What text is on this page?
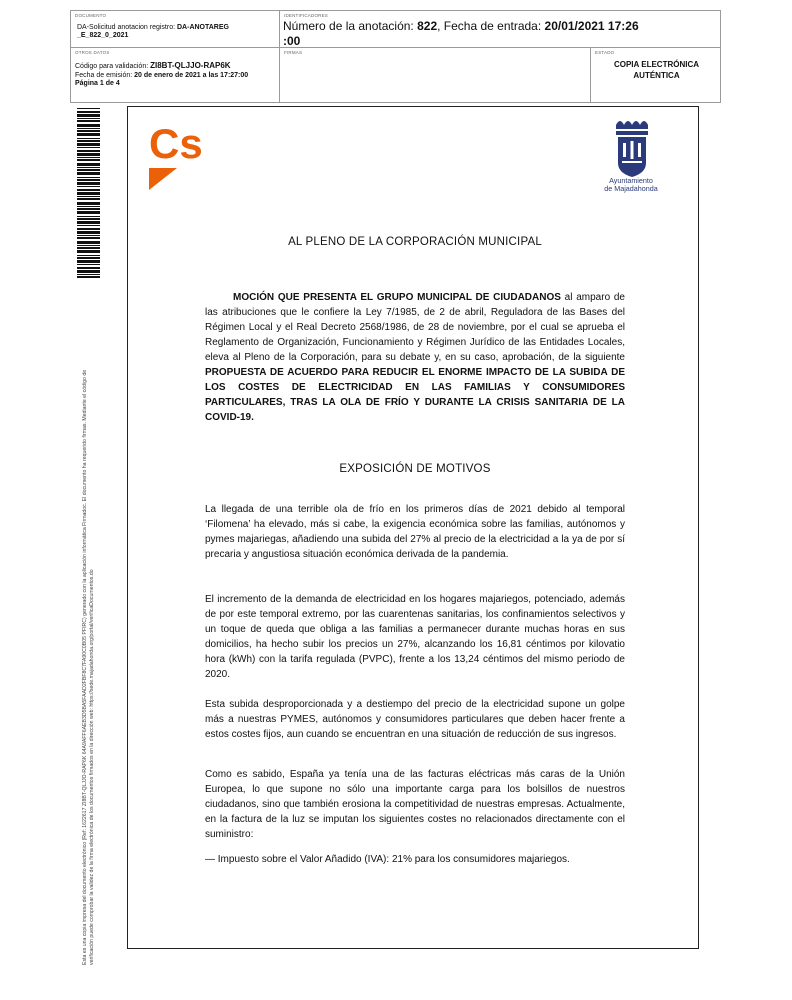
DOCUMENTO
DA-Solicitud anotacion registro: DA-ANOTAREG
_E_822_0_2021
IDENTIFICADORES
Número de la anotación: 822, Fecha de entrada: 20/01/2021 17:26
:00
OTROS DATOS
Código para validación: ZI8BT-QLJJO-RAP6K
Fecha de emisión: 20 de enero de 2021 a las 17:27:00
Página 1 de 4
FIRMAS	ESTADO
COPIA ELECTRÓNICA
AUTÉNTICA
Esta es una copia impresa del documento electrónico (Ref: 1622617 ZI8BT-QLJJO-RAP6K 64A9AFF6AEB3D5BA5FAAD2FBF8C7FA90C0B05 PFIRC) generado con la aplicación informática Firmadoc. El documento ha requerido firmas. Mediante el código de verificación puede comprobar la validez de la firma electrónica de los documentos firmados en la dirección web: https://sede.majadahonda.org/portal/verificaDocumentos.do
Cs
Ayuntamiento
de Majadahonda
AL PLENO DE LA CORPORACIÓN MUNICIPAL
MOCIÓN QUE PRESENTA EL GRUPO MUNICIPAL DE CIUDADANOS al amparo de las atribuciones que le confiere la Ley 7/1985, de 2 de abril, Reguladora de las Bases del Régimen Local y el Real Decreto 2568/1986, de 28 de noviembre, por el cual se aprueba el Reglamento de Organización, Funcionamiento y Régimen Jurídico de las Entidades Locales, eleva al Pleno de la Corporación, para su debate y, en su caso, aprobación, de la siguiente PROPUESTA DE ACUERDO PARA REDUCIR EL ENORME IMPACTO DE LA SUBIDA DE LOS COSTES DE ELECTRICIDAD EN LAS FAMILIAS Y CONSUMIDORES PARTICULARES, TRAS LA OLA DE FRÍO Y DURANTE LA CRISIS SANITARIA DE LA COVID-19.
EXPOSICIÓN DE MOTIVOS
La llegada de una terrible ola de frío en los primeros días de 2021 debido al temporal ‘Filomena’ ha elevado, más si cabe, la exigencia económica sobre las familias, autónomos y pymes majariegas, añadiendo una subida del 27% al precio de la electricidad a la ya de por sí precaria y angustiosa situación económica derivada de la pandemia.
El incremento de la demanda de electricidad en los hogares majariegos, potenciado, además de por este temporal extremo, por las cuarentenas sanitarias, los confinamientos selectivos y un toque de queda que obliga a las familias a permanecer durante muchas horas en sus domicilios, ha hecho subir los precios un 27%, alcanzando los 16,81 céntimos por kilovatio hora (kWh) con la tarifa regulada (PVPC), frente a los 13,24 céntimos del mismo periodo de 2020.
Esta subida desproporcionada y a destiempo del precio de la electricidad supone un golpe más a nuestras PYMES, autónomos y consumidores particulares que deben hacer frente a estos costes fijos, aun cuando se encuentran en una situación de reducción de sus ingresos.
Como es sabido, España ya tenía una de las facturas eléctricas más caras de la Unión Europea, lo que supone no sólo una importante carga para los bolsillos de nuestros ciudadanos, sino que también erosiona la competitividad de nuestras empresas. Actualmente, en la factura de la luz se imputan los siguientes costes no relacionados directamente con el suministro:
— Impuesto sobre el Valor Añadido (IVA): 21% para los consumidores majariegos.
